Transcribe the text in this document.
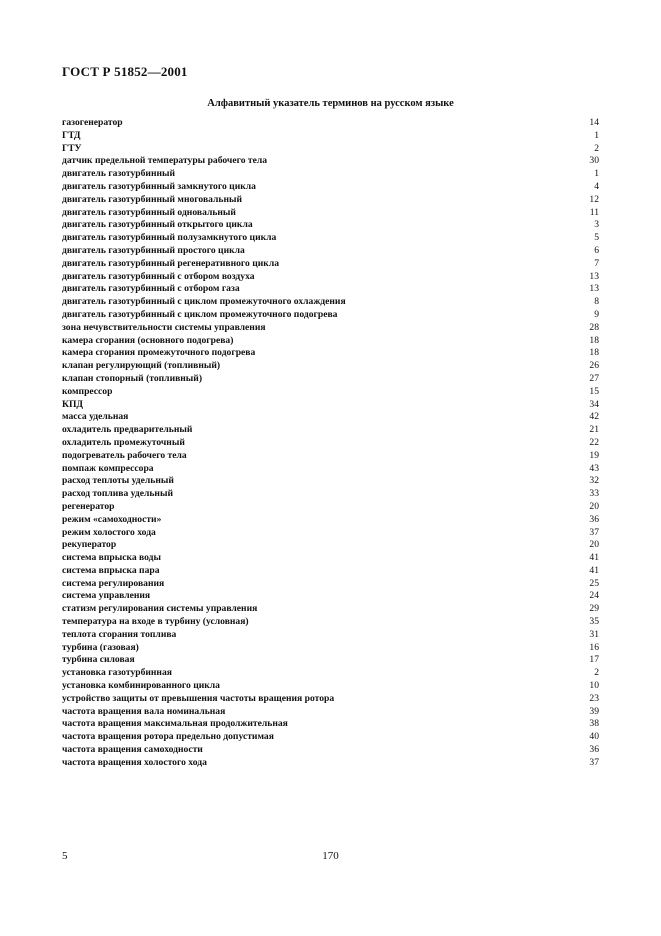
ГОСТ Р 51852—2001
Алфавитный указатель терминов на русском языке
газогенератор	14
ГТД	1
ГТУ	2
датчик предельной температуры рабочего тела	30
двигатель газотурбинный	1
двигатель газотурбинный замкнутого цикла	4
двигатель газотурбинный многовальный	12
двигатель газотурбинный одновальный	11
двигатель газотурбинный открытого цикла	3
двигатель газотурбинный полузамкнутого цикла	5
двигатель газотурбинный простого цикла	6
двигатель газотурбинный регенеративного цикла	7
двигатель газотурбинный с отбором воздуха	13
двигатель газотурбинный с отбором газа	13
двигатель газотурбинный с циклом промежуточного охлаждения	8
двигатель газотурбинный с циклом промежуточного подогрева	9
зона нечувствительности системы управления	28
камера сгорания (основного подогрева)	18
камера сгорания промежуточного подогрева	18
клапан регулирующий (топливный)	26
клапан стопорный (топливный)	27
компрессор	15
КПД	34
масса удельная	42
охладитель предварительный	21
охладитель промежуточный	22
подогреватель рабочего тела	19
помпаж компрессора	43
расход теплоты удельный	32
расход топлива удельный	33
регенератор	20
режим «самоходности»	36
режим холостого хода	37
рекуператор	20
система впрыска воды	41
система впрыска пара	41
система регулирования	25
система управления	24
статизм регулирования системы управления	29
температура на входе в турбину (условная)	35
теплота сгорания топлива	31
турбина (газовая)	16
турбина силовая	17
установка газотурбинная	2
установка комбинированного цикла	10
устройство защиты от превышения частоты вращения ротора	23
частота вращения вала номинальная	39
частота вращения максимальная продолжительная	38
частота вращения ротора предельно допустимая	40
частота вращения самоходности	36
частота вращения холостого хода	37
5	170
